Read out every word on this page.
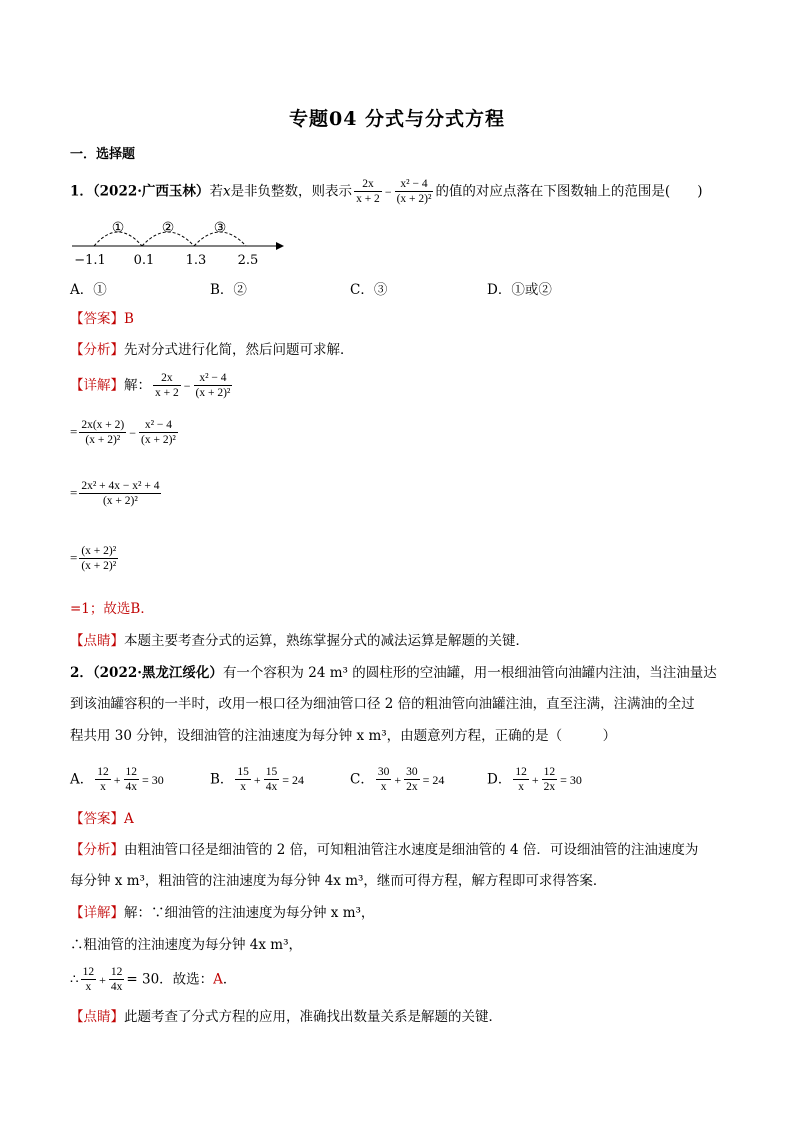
专题04 分式与分式方程
一．选择题
1．（2022·广西玉林）若x是非负整数，则表示 $\frac{2x}{x + 2} - \frac{\text{x² − 4}}{\text{(x + 2)²}}$ 的值的对应点落在下图数轴上的范围是(　　)
①	②	③
−1.1 0.1 1.3 2.5
A．①	B．②	C．③	D．①或②
【答案】B
【分析】先对分式进行化简，然后问题可求解．
【详解】解： $\frac{2x}{x + 2} - \frac{\text{x² − 4}}{\text{(x + 2)²}}$
= $\frac{2x(x + 2)}{\text{(x + 2)²}} - \frac{\text{x² − 4}}{\text{(x + 2)²}}$
= $\frac{\text{2x² + 4x − x² + 4}}{\text{(x + 2)²}}$
= $\frac{\text{(x + 2)²}}{\text{(x + 2)²}}$
=1；故选B．
【点睛】本题主要考查分式的运算，熟练掌握分式的减法运算是解题的关键．
2．（2022·黑龙江绥化）有一个容积为 24 m³ 的圆柱形的空油罐，用一根细油管向油罐内注油，当注油量达
到该油罐容积的一半时，改用一根口径为细油管口径 2 倍的粗油管向油罐注油，直至注满，注满油的全过
程共用 30 分钟，设细油管的注油速度为每分钟 x m³，由题意列方程，正确的是（　　　）
A． $\frac{12}{x} + \frac{12}{4x} = 30$	B． $\frac{15}{x} + \frac{15}{4x} = 24$	C． $\frac{30}{x} + \frac{30}{2x} = 24$	D． $\frac{12}{x} + \frac{12}{2x} = 30$
【答案】A
【分析】由粗油管口径是细油管的 2 倍，可知粗油管注水速度是细油管的 4 倍．可设细油管的注油速度为
每分钟 x m³，粗油管的注油速度为每分钟 4x m³，继而可得方程，解方程即可求得答案．
【详解】解：∵细油管的注油速度为每分钟 x m³，
∴粗油管的注油速度为每分钟 4x m³，
∴ $\frac{12}{x} + \frac{12}{4x} = 30$．故选：A．
【点睛】此题考查了分式方程的应用，准确找出数量关系是解题的关键．
